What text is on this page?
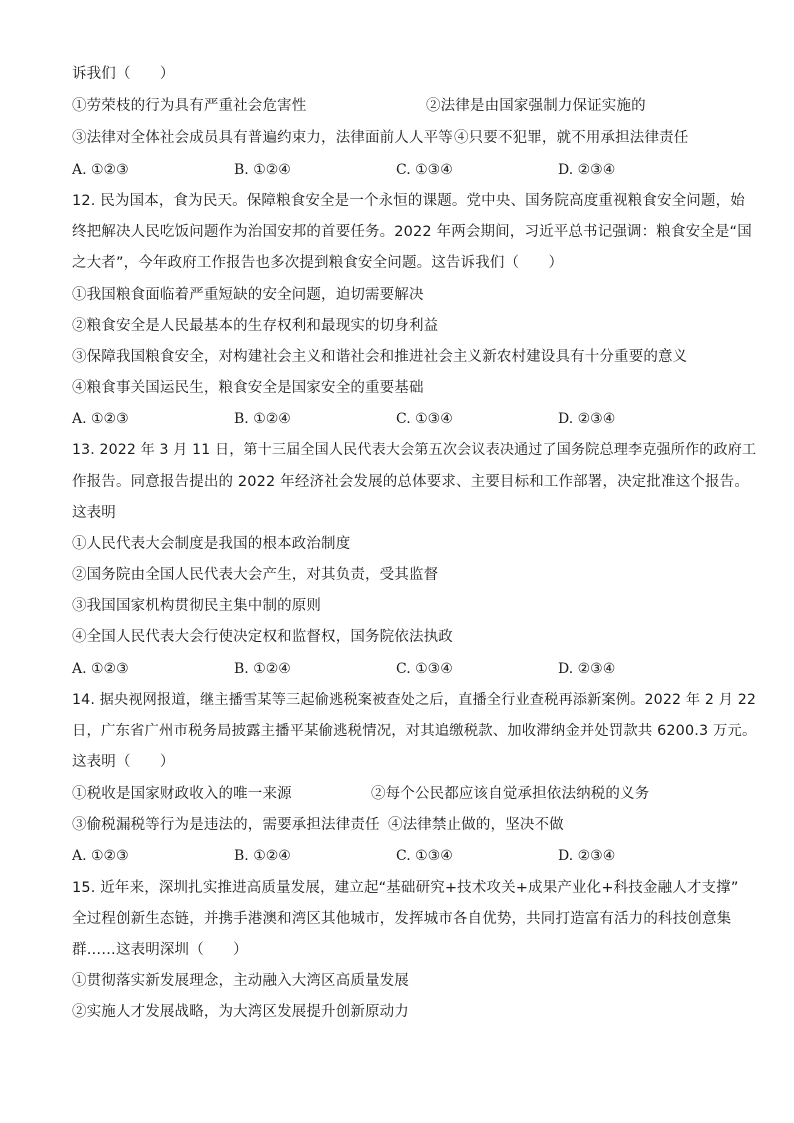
诉我们（　　）
①劳荣枝的行为具有严重社会危害性	②法律是由国家强制力保证实施的
③法律对全体社会成员具有普遍约束力，法律面前人人平等 ④只要不犯罪，就不用承担法律责任
A. ①②③	B. ①②④	C. ①③④	D. ②③④
12. 民为国本，食为民天。保障粮食安全是一个永恒的课题。党中央、国务院高度重视粮食安全问题，始
终把解决人民吃饭问题作为治国安邦的首要任务。2022 年两会期间，习近平总书记强调：粮食安全是“国
之大者”，今年政府工作报告也多次提到粮食安全问题。这告诉我们（　　）
①我国粮食面临着严重短缺的安全问题，迫切需要解决
②粮食安全是人民最基本的生存权利和最现实的切身利益
③保障我国粮食安全，对构建社会主义和谐社会和推进社会主义新农村建设具有十分重要的意义
④粮食事关国运民生，粮食安全是国家安全的重要基础
A. ①②③	B. ①②④	C. ①③④	D. ②③④
13. 2022 年 3 月 11 日，第十三届全国人民代表大会第五次会议表决通过了国务院总理李克强所作的政府工
作报告。同意报告提出的 2022 年经济社会发展的总体要求、主要目标和工作部署，决定批准这个报告。
这表明
①人民代表大会制度是我国的根本政治制度
②国务院由全国人民代表大会产生，对其负责，受其监督
③我国国家机构贯彻民主集中制的原则
④全国人民代表大会行使决定权和监督权，国务院依法执政
A. ①②③	B. ①②④	C. ①③④	D. ②③④
14. 据央视网报道，继主播雪某等三起偷逃税案被查处之后，直播全行业查税再添新案例。2022 年 2 月 22
日，广东省广州市税务局披露主播平某偷逃税情况，对其追缴税款、加收滞纳金并处罚款共 6200.3 万元。
这表明（　　）
①税收是国家财政收入的唯一来源	②每个公民都应该自觉承担依法纳税的义务
③偷税漏税等行为是违法的，需要承担法律责任 ④法律禁止做的，坚决不做
A. ①②③	B. ①②④	C. ①③④	D. ②③④
15. 近年来，深圳扎实推进高质量发展，建立起“基础研究+技术攻关+成果产业化+科技金融人才支撑”
全过程创新生态链，并携手港澳和湾区其他城市，发挥城市各自优势，共同打造富有活力的科技创意集
群……这表明深圳（　　）
①贯彻落实新发展理念，主动融入大湾区高质量发展
②实施人才发展战略，为大湾区发展提升创新原动力
